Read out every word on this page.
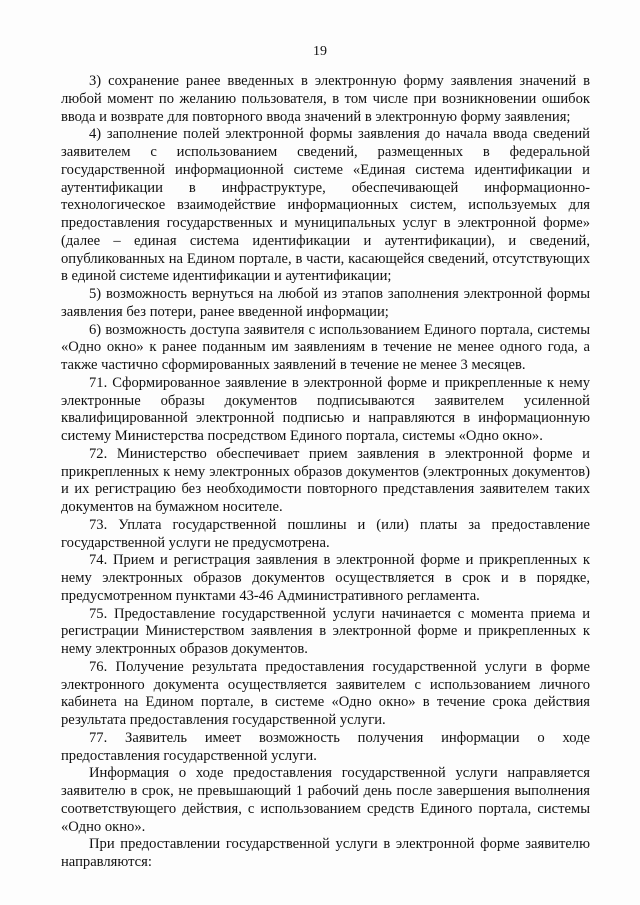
19

3) сохранение ранее введенных в электронную форму заявления значений в любой момент по желанию пользователя, в том числе при возникновении ошибок ввода и возврате для повторного ввода значений в электронную форму заявления;

4) заполнение полей электронной формы заявления до начала ввода сведений заявителем с использованием сведений, размещенных в федеральной государственной информационной системе «Единая система идентификации и аутентификации в инфраструктуре, обеспечивающей информационно-технологическое взаимодействие информационных систем, используемых для предоставления государственных и муниципальных услуг в электронной форме» (далее – единая система идентификации и аутентификации), и сведений, опубликованных на Едином портале, в части, касающейся сведений, отсутствующих в единой системе идентификации и аутентификации;

5) возможность вернуться на любой из этапов заполнения электронной формы заявления без потери, ранее введенной информации;

6) возможность доступа заявителя с использованием Единого портала, системы «Одно окно» к ранее поданным им заявлениям в течение не менее одного года, а также частично сформированных заявлений в течение не менее 3 месяцев.

71. Сформированное заявление в электронной форме и прикрепленные к нему электронные образы документов подписываются заявителем усиленной квалифицированной электронной подписью и направляются в информационную систему Министерства посредством Единого портала, системы «Одно окно».

72. Министерство обеспечивает прием заявления в электронной форме и прикрепленных к нему электронных образов документов (электронных документов) и их регистрацию без необходимости повторного представления заявителем таких документов на бумажном носителе.

73. Уплата государственной пошлины и (или) платы за предоставление государственной услуги не предусмотрена.

74. Прием и регистрация заявления в электронной форме и прикрепленных к нему электронных образов документов осуществляется в срок и в порядке, предусмотренном пунктами 43-46 Административного регламента.

75. Предоставление государственной услуги начинается с момента приема и регистрации Министерством заявления в электронной форме и прикрепленных к нему электронных образов документов.

76. Получение результата предоставления государственной услуги в форме электронного документа осуществляется заявителем с использованием личного кабинета на Едином портале, в системе «Одно окно» в течение срока действия результата предоставления государственной услуги.

77. Заявитель имеет возможность получения информации о ходе предоставления государственной услуги.

Информация о ходе предоставления государственной услуги направляется заявителю в срок, не превышающий 1 рабочий день после завершения выполнения соответствующего действия, с использованием средств Единого портала, системы «Одно окно».

При предоставлении государственной услуги в электронной форме заявителю направляются:
